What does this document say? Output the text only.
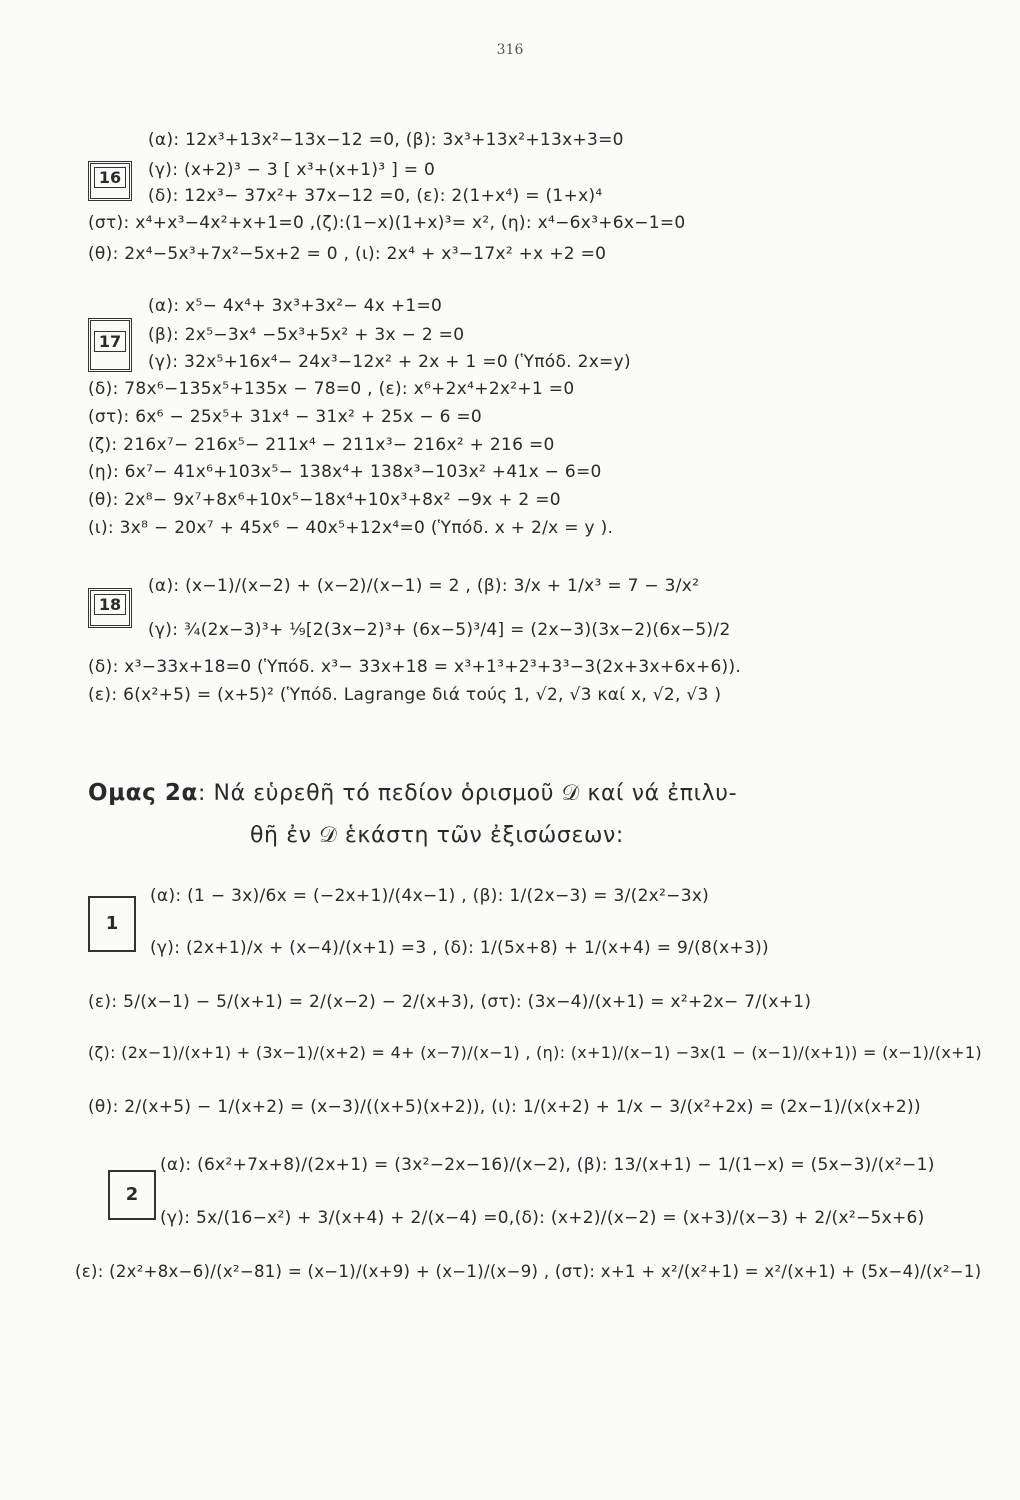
316
16
(α): 12x³+13x²−13x−12 =0, (β): 3x³+13x²+13x+3=0
(γ): (x+2)³ − 3 [ x³+(x+1)³ ] = 0
(δ): 12x³− 37x²+ 37x−12 =0, (ε): 2(1+x⁴) = (1+x)⁴
(στ): x⁴+x³−4x²+x+1=0 ,(ζ):(1−x)(1+x)³= x², (η): x⁴−6x³+6x−1=0
(θ): 2x⁴−5x³+7x²−5x+2 = 0 , (ι): 2x⁴ + x³−17x² +x +2 =0
17
(α): x⁵− 4x⁴+ 3x³+3x²− 4x +1=0
(β): 2x⁵−3x⁴ −5x³+5x² + 3x − 2 =0
(γ): 32x⁵+16x⁴− 24x³−12x² + 2x + 1 =0 (Ὑπόδ. 2x=y)
(δ): 78x⁶−135x⁵+135x − 78=0 , (ε): x⁶+2x⁴+2x²+1 =0
(στ): 6x⁶ − 25x⁵+ 31x⁴ − 31x² + 25x − 6 =0
(ζ): 216x⁷− 216x⁵− 211x⁴ − 211x³− 216x² + 216 =0
(η): 6x⁷− 41x⁶+103x⁵− 138x⁴+ 138x³−103x² +41x − 6=0
(θ): 2x⁸− 9x⁷+8x⁶+10x⁵−18x⁴+10x³+8x² −9x + 2 =0
(ι): 3x⁸ − 20x⁷ + 45x⁶ − 40x⁵+12x⁴=0 (Ὑπόδ. x + 2/x = y ).
18
(α): (x−1)/(x−2) + (x−2)/(x−1) = 2 , (β): 3/x + 1/x³ = 7 − 3/x²
(γ): ¾(2x−3)³+ ⅑[2(3x−2)³+ (6x−5)³/4] = (2x−3)(3x−2)(6x−5)/2
(δ): x³−33x+18=0 (Ὑπόδ. x³− 33x+18 = x³+1³+2³+3³−3(2x+3x+6x+6)).
(ε): 6(x²+5) = (x+5)² (Ὑπόδ. Lagrange διά τούς 1, √2, √3 καί x, √2, √3 )
Ομας 2α: Νά εὑρεθῆ τό πεδίον ὁρισμοῦ 𝒟 καί νά ἐπιλυ-
θῆ ἐν 𝒟 ἑκάστη τῶν ἐξισώσεων:
1
(α): (1 − 3x)/6x = (−2x+1)/(4x−1) , (β): 1/(2x−3) = 3/(2x²−3x)
(γ): (2x+1)/x + (x−4)/(x+1) =3 , (δ): 1/(5x+8) + 1/(x+4) = 9/(8(x+3))
(ε): 5/(x−1) − 5/(x+1) = 2/(x−2) − 2/(x+3), (στ): (3x−4)/(x+1) = x²+2x− 7/(x+1)
(ζ): (2x−1)/(x+1) + (3x−1)/(x+2) = 4+ (x−7)/(x−1) , (η): (x+1)/(x−1) −3x(1 − (x−1)/(x+1)) = (x−1)/(x+1)
(θ): 2/(x+5) − 1/(x+2) = (x−3)/((x+5)(x+2)), (ι): 1/(x+2) + 1/x − 3/(x²+2x) = (2x−1)/(x(x+2))
2
(α): (6x²+7x+8)/(2x+1) = (3x²−2x−16)/(x−2), (β): 13/(x+1) − 1/(1−x) = (5x−3)/(x²−1)
(γ): 5x/(16−x²) + 3/(x+4) + 2/(x−4) =0,(δ): (x+2)/(x−2) = (x+3)/(x−3) + 2/(x²−5x+6)
(ε): (2x²+8x−6)/(x²−81) = (x−1)/(x+9) + (x−1)/(x−9) , (στ): x+1 + x²/(x²+1) = x²/(x+1) + (5x−4)/(x²−1)
